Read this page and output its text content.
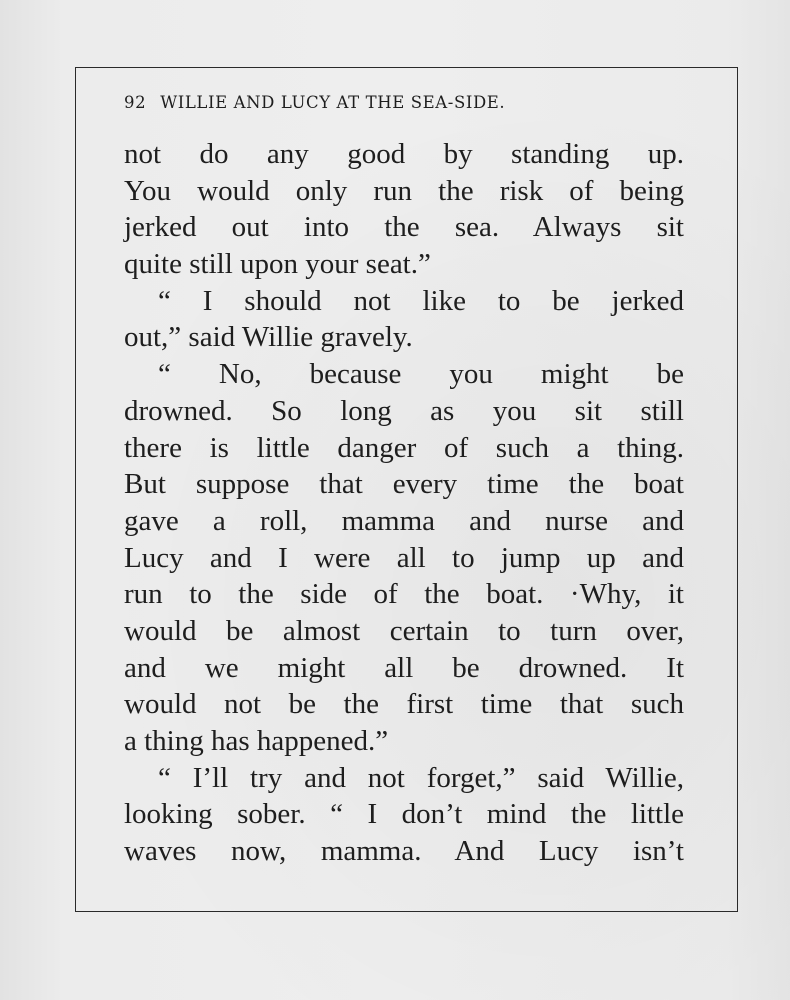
92 WILLIE AND LUCY AT THE SEA-SIDE.
not do any good by standing up.
You would only run the risk of being
jerked out into the sea. Always sit
quite still upon your seat.”
“ I should not like to be jerked
out,” said Willie gravely.
“ No, because you might be
drowned. So long as you sit still
there is little danger of such a thing.
But suppose that every time the boat
gave a roll, mamma and nurse and
Lucy and I were all to jump up and
run to the side of the boat. ·Why, it
would be almost certain to turn over,
and we might all be drowned. It
would not be the first time that such
a thing has happened.”
“ I’ll try and not forget,” said Willie,
looking sober. “ I don’t mind the little
waves now, mamma. And Lucy isn’t
